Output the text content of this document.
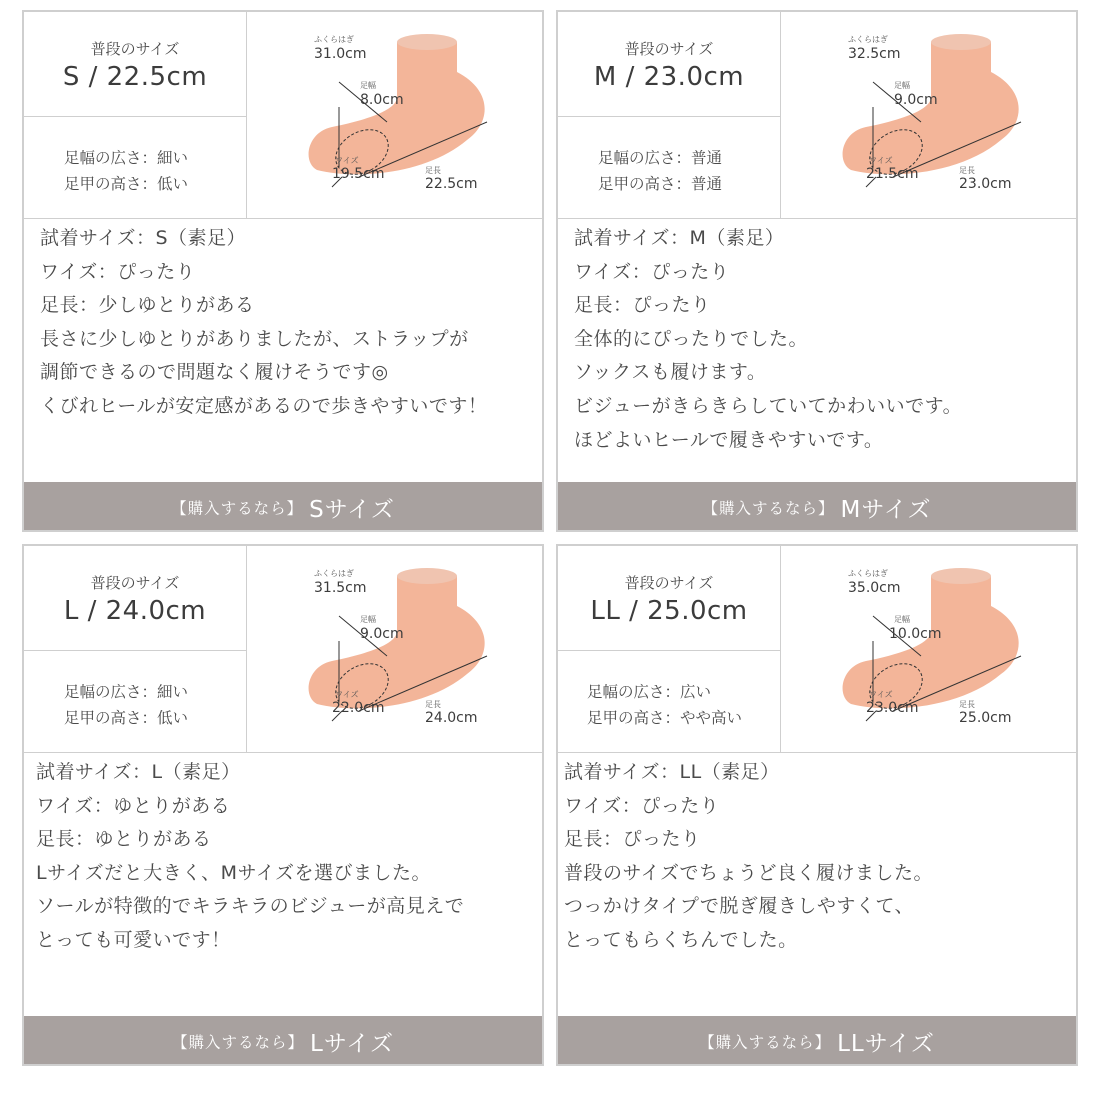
普段のサイズ
S / 22.5cm
足幅の広さ：細い
足甲の高さ：低い
ふくらはぎ
31.0cm
足幅
8.0cm
ワイズ
19.5cm	足長
22.5cm
試着サイズ：S（素足）
ワイズ：ぴったり
足長：少しゆとりがある
長さに少しゆとりがありましたが、ストラップが
調節できるので問題なく履けそうです◎
くびれヒールが安定感があるので歩きやすいです！
【購入するなら】 Sサイズ
普段のサイズ
M / 23.0cm
足幅の広さ：普通
足甲の高さ：普通
ふくらはぎ
32.5cm
足幅
9.0cm
ワイズ
21.5cm	足長
23.0cm
試着サイズ：M（素足）
ワイズ：ぴったり
足長：ぴったり
全体的にぴったりでした。
ソックスも履けます。
ビジューがきらきらしていてかわいいです。
ほどよいヒールで履きやすいです。
【購入するなら】 Mサイズ
普段のサイズ
L / 24.0cm
足幅の広さ：細い
足甲の高さ：低い
ふくらはぎ
31.5cm
足幅
9.0cm
ワイズ
22.0cm	足長
24.0cm
試着サイズ：L（素足）
ワイズ：ゆとりがある
足長：ゆとりがある
Lサイズだと大きく、Mサイズを選びました。
ソールが特徴的でキラキラのビジューが高見えで
とっても可愛いです！
【購入するなら】 Lサイズ
普段のサイズ
LL / 25.0cm
足幅の広さ：広い
足甲の高さ：やや高い
ふくらはぎ
35.0cm
足幅
10.0cm
ワイズ
23.0cm	足長
25.0cm
試着サイズ：LL（素足）
ワイズ：ぴったり
足長：ぴったり
普段のサイズでちょうど良く履けました。
つっかけタイプで脱ぎ履きしやすくて、
とってもらくちんでした。
【購入するなら】 LLサイズ
